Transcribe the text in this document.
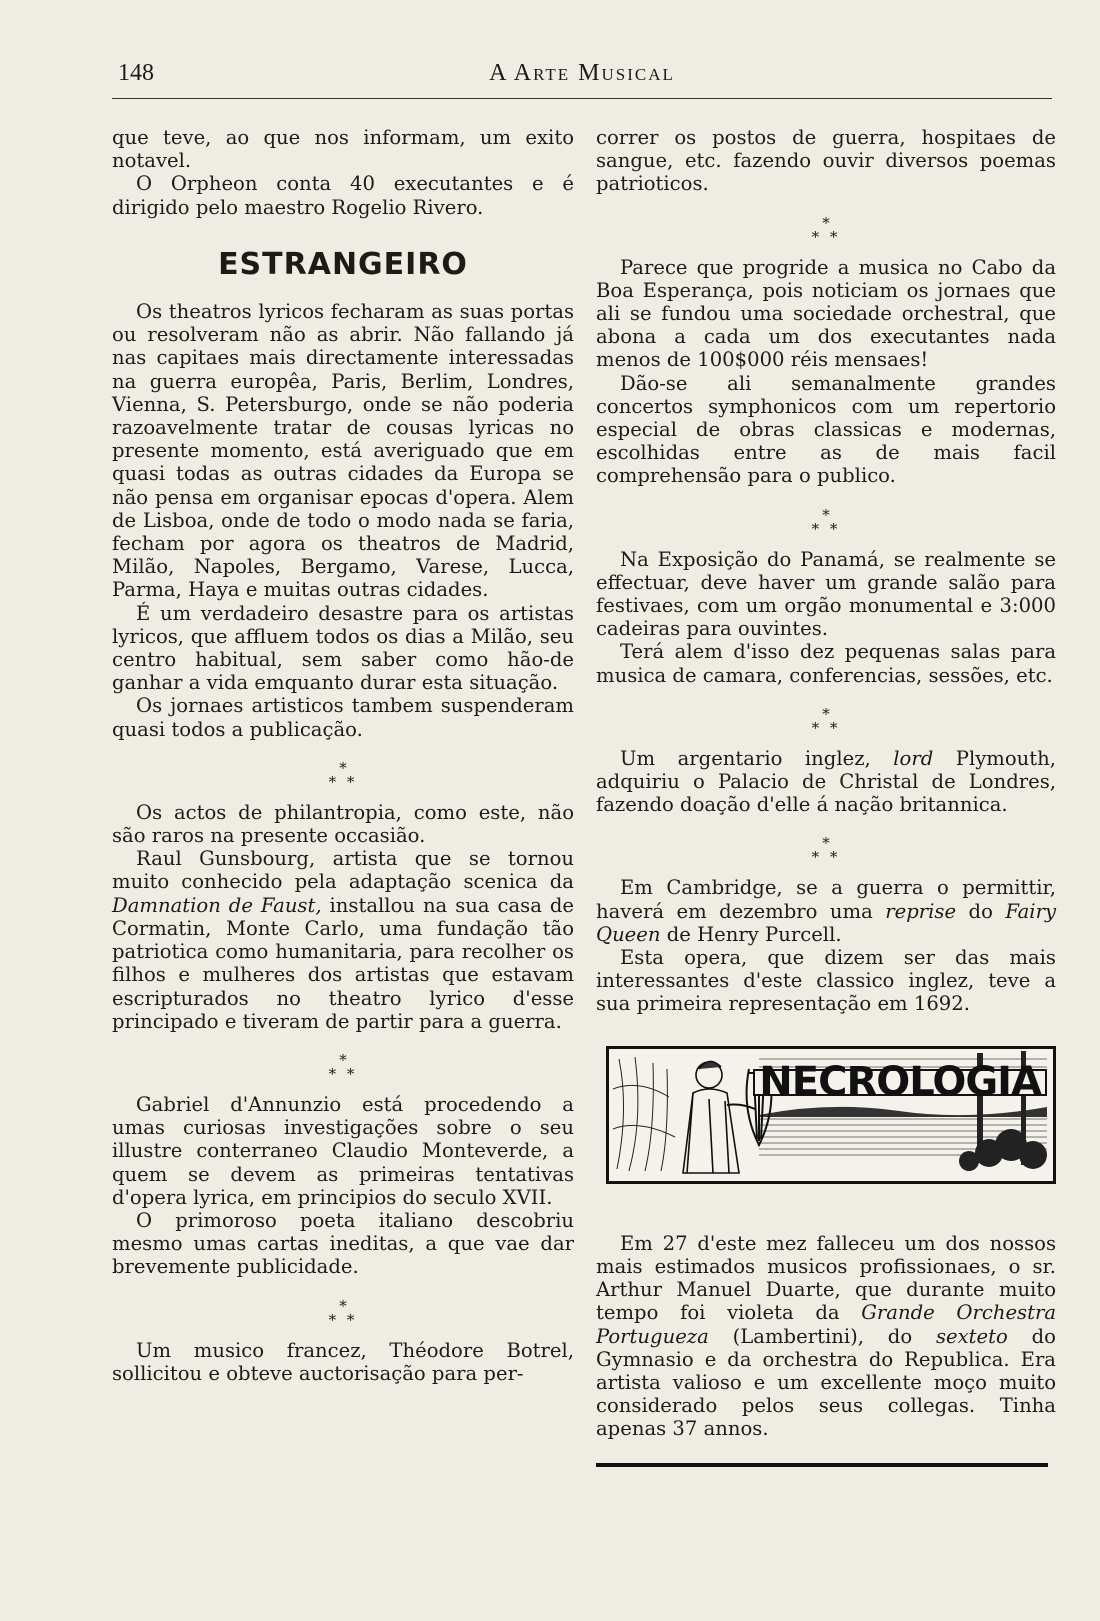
148	A Arte Musical

que teve, ao que nos informam, um exito notavel.

O Orpheon conta 40 executantes e é dirigido pelo maestro Rogelio Rivero.

ESTRANGEIRO

Os theatros lyricos fecharam as suas portas ou resolveram não as abrir. Não fallando já nas capitaes mais directamente interessadas na guerra europêa, Paris, Berlim, Londres, Vienna, S. Petersburgo, onde se não poderia razoavelmente tratar de cousas lyricas no presente momento, está averiguado que em quasi todas as outras cidades da Europa se não pensa em organisar epocas d'opera. Alem de Lisboa, onde de todo o modo nada se faria, fecham por agora os theatros de Madrid, Milão, Napoles, Bergamo, Varese, Lucca, Parma, Haya e muitas outras cidades.

É um verdadeiro desastre para os artistas lyricos, que affluem todos os dias a Milão, seu centro habitual, sem saber como hão-de ganhar a vida emquanto durar esta situação.

Os jornaes artisticos tambem suspenderam quasi todos a publicação.

*
* *

Os actos de philantropia, como este, não são raros na presente occasião.

Raul Gunsbourg, artista que se tornou muito conhecido pela adaptação scenica da Damnation de Faust, installou na sua casa de Cormatin, Monte Carlo, uma fundação tão patriotica como humanitaria, para recolher os filhos e mulheres dos artistas que estavam escripturados no theatro lyrico d'esse principado e tiveram de partir para a guerra.

*
* *

Gabriel d'Annunzio está procedendo a umas curiosas investigações sobre o seu illustre conterraneo Claudio Monteverde, a quem se devem as primeiras tentativas d'opera lyrica, em principios do seculo XVII.

O primoroso poeta italiano descobriu mesmo umas cartas ineditas, a que vae dar brevemente publicidade.

*
* *

Um musico francez, Théodore Botrel, sollicitou e obteve auctorisação para per-

correr os postos de guerra, hospitaes de sangue, etc. fazendo ouvir diversos poemas patrioticos.

*
* *

Parece que progride a musica no Cabo da Boa Esperança, pois noticiam os jornaes que ali se fundou uma sociedade orchestral, que abona a cada um dos executantes nada menos de 100$000 réis mensaes!

Dão-se ali semanalmente grandes concertos symphonicos com um repertorio especial de obras classicas e modernas, escolhidas entre as de mais facil comprehensão para o publico.

*
* *

Na Exposição do Panamá, se realmente se effectuar, deve haver um grande salão para festivaes, com um orgão monumental e 3:000 cadeiras para ouvintes.

Terá alem d'isso dez pequenas salas para musica de camara, conferencias, sessões, etc.

*
* *

Um argentario inglez, lord Plymouth, adquiriu o Palacio de Christal de Londres, fazendo doação d'elle á nação britannica.

*
* *

Em Cambridge, se a guerra o permittir, haverá em dezembro uma reprise do Fairy Queen de Henry Purcell.

Esta opera, que dizem ser das mais interessantes d'este classico inglez, teve a sua primeira representação em 1692.

NECROLOGIA

Em 27 d'este mez falleceu um dos nossos mais estimados musicos profissionaes, o sr. Arthur Manuel Duarte, que durante muito tempo foi violeta da Grande Orchestra Portugueza (Lambertini), do sexteto do Gymnasio e da orchestra do Republica. Era artista valioso e um excellente moço muito considerado pelos seus collegas. Tinha apenas 37 annos.
